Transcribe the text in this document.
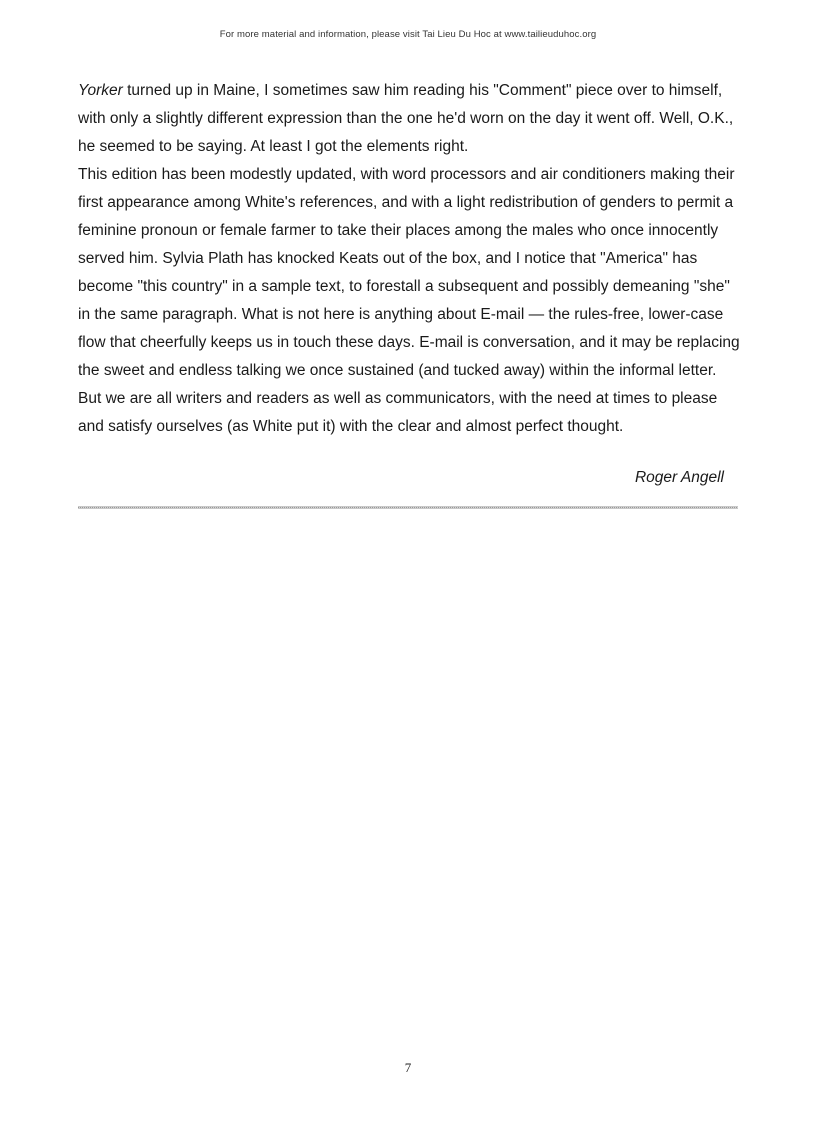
For more material and information, please visit Tai Lieu Du Hoc at www.tailieuduhoc.org

Yorker turned up in Maine, I sometimes saw him reading his "Comment" piece over to himself, with only a slightly different expression than the one he'd worn on the day it went off. Well, O.K., he seemed to be saying. At least I got the elements right.

This edition has been modestly updated, with word processors and air conditioners making their first appearance among White's references, and with a light redistribution of genders to permit a feminine pronoun or female farmer to take their places among the males who once innocently served him. Sylvia Plath has knocked Keats out of the box, and I notice that "America" has become "this country" in a sample text, to forestall a subsequent and possibly demeaning "she" in the same paragraph. What is not here is anything about E-mail — the rules-free, lower-case flow that cheerfully keeps us in touch these days. E-mail is conversation, and it may be replacing the sweet and endless talking we once sustained (and tucked away) within the informal letter. But we are all writers and readers as well as communicators, with the need at times to please and satisfy ourselves (as White put it) with the clear and almost perfect thought.

Roger Angell
7
